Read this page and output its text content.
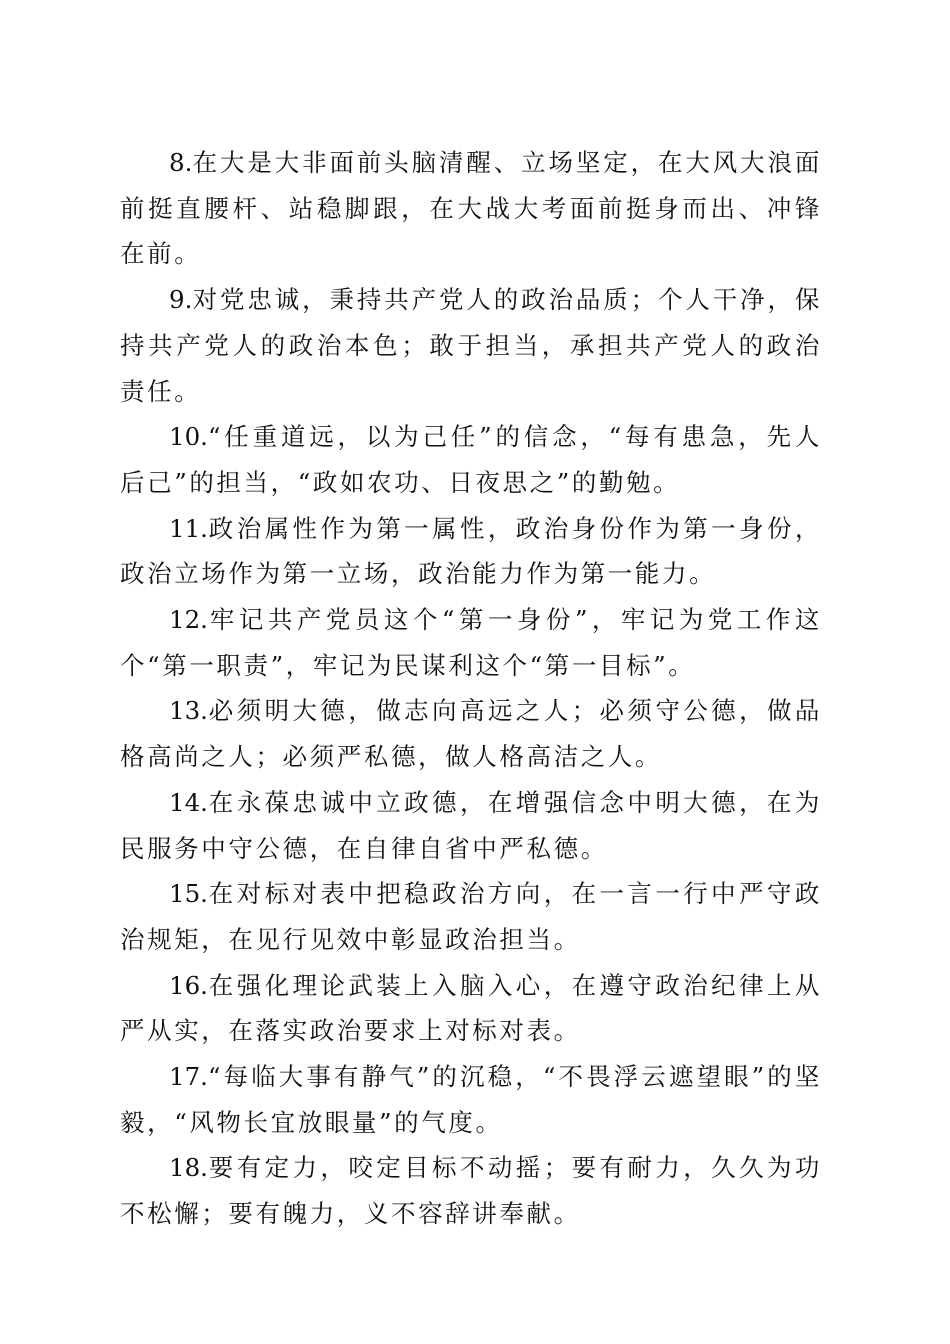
8.在大是大非面前头脑清醒、立场坚定，在大风大浪面前挺直腰杆、站稳脚跟，在大战大考面前挺身而出、冲锋在前。

9.对党忠诚，秉持共产党人的政治品质；个人干净，保持共产党人的政治本色；敢于担当，承担共产党人的政治责任。

10.“任重道远，以为己任”的信念，“每有患急，先人后己”的担当，“政如农功、日夜思之”的勤勉。

11.政治属性作为第一属性，政治身份作为第一身份，政治立场作为第一立场，政治能力作为第一能力。

12.牢记共产党员这个“第一身份”，牢记为党工作这个“第一职责”，牢记为民谋利这个“第一目标”。

13.必须明大德，做志向高远之人；必须守公德，做品格高尚之人；必须严私德，做人格高洁之人。

14.在永葆忠诚中立政德，在增强信念中明大德，在为民服务中守公德，在自律自省中严私德。

15.在对标对表中把稳政治方向，在一言一行中严守政治规矩，在见行见效中彰显政治担当。

16.在强化理论武装上入脑入心，在遵守政治纪律上从严从实，在落实政治要求上对标对表。

17.“每临大事有静气”的沉稳，“不畏浮云遮望眼”的坚毅，“风物长宜放眼量”的气度。

18.要有定力，咬定目标不动摇；要有耐力，久久为功不松懈；要有魄力，义不容辞讲奉献。
